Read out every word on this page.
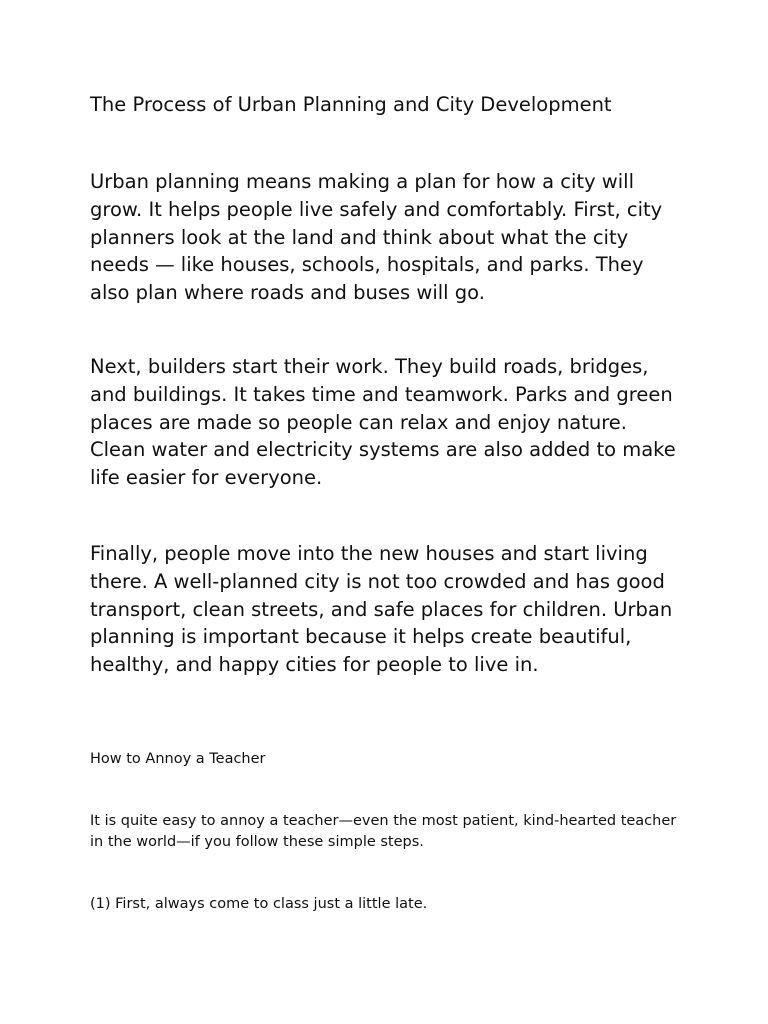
The Process of Urban Planning and City Development

Urban planning means making a plan for how a city will grow. It helps people live safely and comfortably. First, city planners look at the land and think about what the city needs — like houses, schools, hospitals, and parks. They also plan where roads and buses will go.

Next, builders start their work. They build roads, bridges, and buildings. It takes time and teamwork. Parks and green places are made so people can relax and enjoy nature. Clean water and electricity systems are also added to make life easier for everyone.

Finally, people move into the new houses and start living there. A well-planned city is not too crowded and has good transport, clean streets, and safe places for children. Urban planning is important because it helps create beautiful, healthy, and happy cities for people to live in.

How to Annoy a Teacher

It is quite easy to annoy a teacher—even the most patient, kind-hearted teacher in the world—if you follow these simple steps.

(1) First, always come to class just a little late.
